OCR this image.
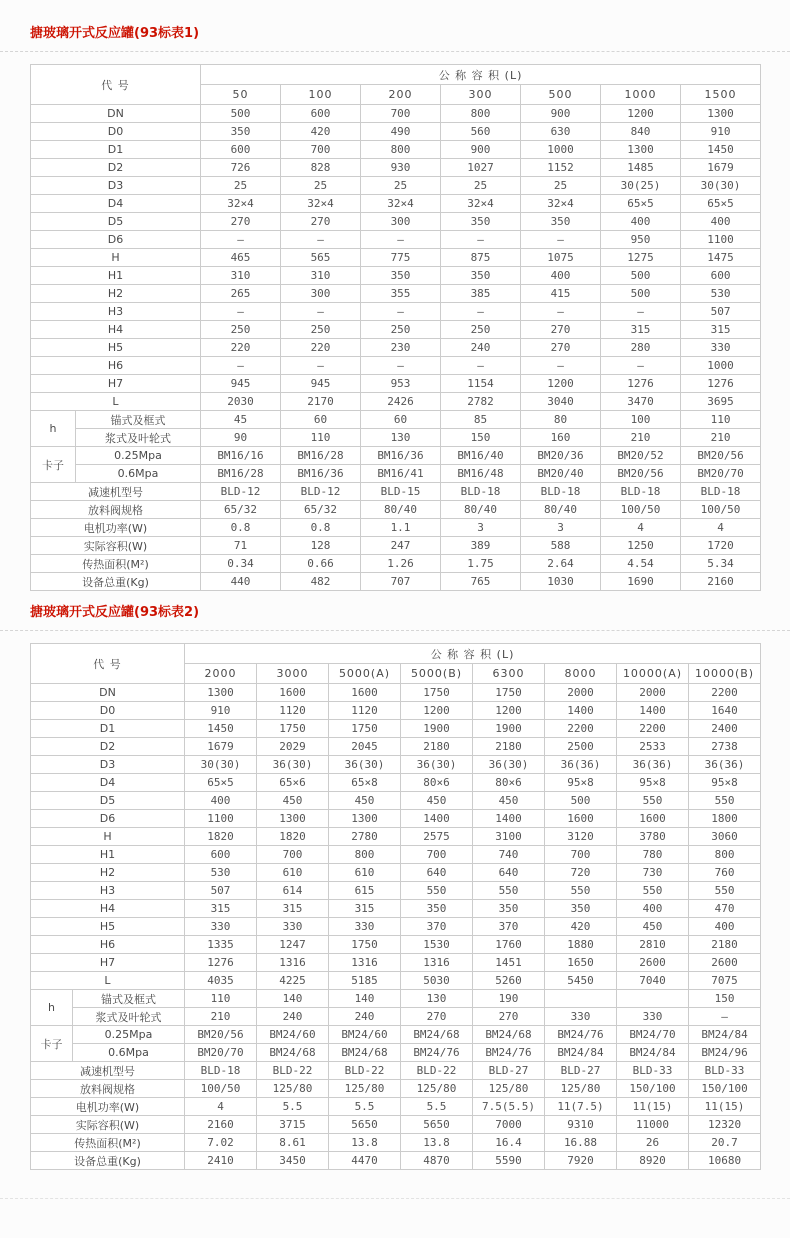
搪玻璃开式反应罐(93标表1)
代 号		公 称 容 积 (L)						
		50	100	200	300	500	1000	1500
DN		500	600	700	800	900	1200	1300
D0		350	420	490	560	630	840	910
D1		600	700	800	900	1000	1300	1450
D2		726	828	930	1027	1152	1485	1679
D3		25	25	25	25	25	30(25)	30(30)
D4		32×4	32×4	32×4	32×4	32×4	65×5	65×5
D5		270	270	300	350	350	400	400
D6		–	–	–	–	–	950	1100
H		465	565	775	875	1075	1275	1475
H1		310	310	350	350	400	500	600
H2		265	300	355	385	415	500	530
H3		–	–	–	–	–	–	507
H4		250	250	250	250	270	315	315
H5		220	220	230	240	270	280	330
H6		–	–	–	–	–	–	1000
H7		945	945	953	1154	1200	1276	1276
L		2030	2170	2426	2782	3040	3470	3695
h	锚式及框式	45	60	60	85	80	100	110
	浆式及叶轮式	90	110	130	150	160	210	210
卡子	0.25Mpa	BM16/16	BM16/28	BM16/36	BM16/40	BM20/36	BM20/52	BM20/56
	0.6Mpa	BM16/28	BM16/36	BM16/41	BM16/48	BM20/40	BM20/56	BM20/70
减速机型号		BLD-12	BLD-12	BLD-15	BLD-18	BLD-18	BLD-18	BLD-18
放料阀规格		65/32	65/32	80/40	80/40	80/40	100/50	100/50
电机功率(W)		0.8	0.8	1.1	3	3	4	4
实际容积(W)		71	128	247	389	588	1250	1720
传热面积(M²)		0.34	0.66	1.26	1.75	2.64	4.54	5.34
设备总重(Kg)		440	482	707	765	1030	1690	2160
搪玻璃开式反应罐(93标表2)
代 号		公 称 容 积 (L)							
		2000	3000	5000(A)	5000(B)	6300	8000	10000(A)	10000(B)
DN		1300	1600	1600	1750	1750	2000	2000	2200
D0		910	1120	1120	1200	1200	1400	1400	1640
D1		1450	1750	1750	1900	1900	2200	2200	2400
D2		1679	2029	2045	2180	2180	2500	2533	2738
D3		30(30)	36(30)	36(30)	36(30)	36(30)	36(36)	36(36)	36(36)
D4		65×5	65×6	65×8	80×6	80×6	95×8	95×8	95×8
D5		400	450	450	450	450	500	550	550
D6		1100	1300	1300	1400	1400	1600	1600	1800
H		1820	1820	2780	2575	3100	3120	3780	3060
H1		600	700	800	700	740	700	780	800
H2		530	610	610	640	640	720	730	760
H3		507	614	615	550	550	550	550	550
H4		315	315	315	350	350	350	400	470
H5		330	330	330	370	370	420	450	400
H6		1335	1247	1750	1530	1760	1880	2810	2180
H7		1276	1316	1316	1316	1451	1650	2600	2600
L		4035	4225	5185	5030	5260	5450	7040	7075
h	锚式及框式	110	140	140	130	190			150
	浆式及叶轮式	210	240	240	270	270	330	330	–
卡子	0.25Mpa	BM20/56	BM24/60	BM24/60	BM24/68	BM24/68	BM24/76	BM24/70	BM24/84
	0.6Mpa	BM20/70	BM24/68	BM24/68	BM24/76	BM24/76	BM24/84	BM24/84	BM24/96
减速机型号		BLD-18	BLD-22	BLD-22	BLD-22	BLD-27	BLD-27	BLD-33	BLD-33
放料阀规格		100/50	125/80	125/80	125/80	125/80	125/80	150/100	150/100
电机功率(W)		4	5.5	5.5	5.5	7.5(5.5)	11(7.5)	11(15)	11(15)
实际容积(W)		2160	3715	5650	5650	7000	9310	11000	12320
传热面积(M²)		7.02	8.61	13.8	13.8	16.4	16.88	26	20.7
设备总重(Kg)		2410	3450	4470	4870	5590	7920	8920	10680
